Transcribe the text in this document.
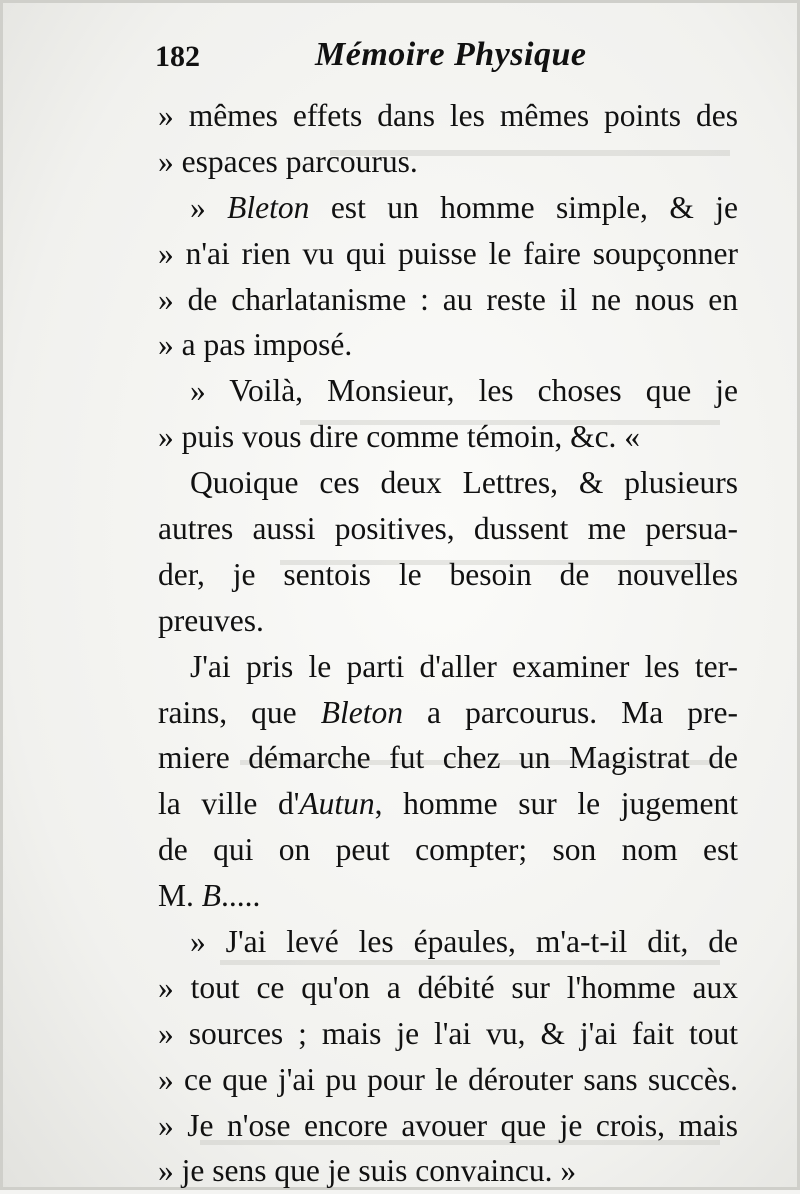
182	Mémoire Physique
» mêmes effets dans les mêmes points des
» espaces parcourus.
» Bleton est un homme simple, & je
» n'ai rien vu qui puisse le faire soupçonner
» de charlatanisme : au reste il ne nous en
» a pas imposé.
» Voilà, Monsieur, les choses que je
» puis vous dire comme témoin, &c. «
Quoique ces deux Lettres, & plusieurs
autres aussi positives, dussent me persua-
der, je sentois le besoin de nouvelles
preuves.
J'ai pris le parti d'aller examiner les ter-
rains, que Bleton a parcourus. Ma pre-
miere démarche fut chez un Magistrat de
la ville d'Autun, homme sur le jugement
de qui on peut compter; son nom est
M. B.....
» J'ai levé les épaules, m'a-t-il dit, de
» tout ce qu'on a débité sur l'homme aux
» sources ; mais je l'ai vu, & j'ai fait tout
» ce que j'ai pu pour le dérouter sans succès.
» Je n'ose encore avouer que je crois, mais
» je sens que je suis convaincu. »
